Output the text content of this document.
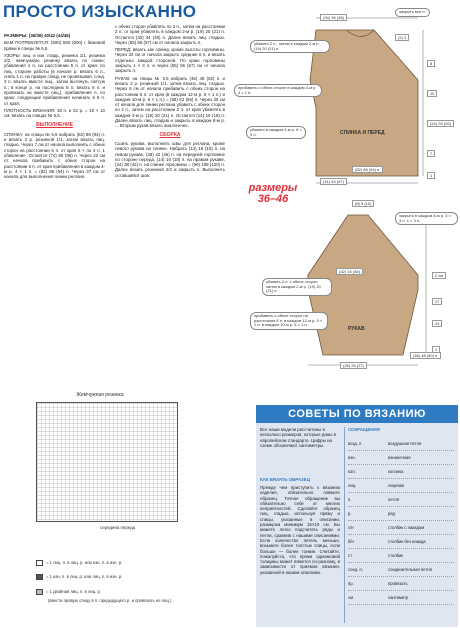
ПРОСТО ИЗЫСКАННО

РАЗМЕРЫ: (36/38) 40/42 (44/46)

ВАМ ПОТРЕБУЕТСЯ: (500) 550 (600) г бежевой пряжи и спицы № 5,5.

УЗОРЫ: лиц. и изн. гладь, резинка 1/1, резинка 2/2, жемчужную резинку вязать по схеме; убавления 4 п. на расстоянии 6 п. от края: по лиц. стороне работы (в начале р. вязать 6 п., снять 1 п. на правую спицу, не провязывая, след. 3 п. вязать вместе лиц., затем вытянуть снятую п.; в конце р. на последних 8 п. вязать 6 п. и провязать их вместе лиц.); прибавления п. по краю: следующие прибавления начинать в 6 п. от края;

ПЛОТНОСТЬ ВЯЗАНИЯ: 18 п. и 22 р. = 10 × 10 см; вязать на спицах № 5,5.

ВЫПОЛНЕНИЕ

СПИНКА: на спицы № 5,5 набрать (82) 88 (94) п. и вязать 2 р. резинкой 1/1, затем вязать лиц. гладью. Через 7 см от начала выполнить с обеих сторон на расстоянии 6 п. от края 8 × по 4 п. 1 убавление. Остается (74) 80 (86) п. Через 22 см от начала прибавить с обеих сторон на расстоянии 6 п. от края прибавления в каждом 4-м р. 4 × 1 п. = (82) 88 (94) п. Через 37 см от начала для выполнения линии реглана

с обеих сторон убавлять по 2 п., затем на расстоянии 2 п. от края убавлять в каждом 2-м р. (19) 20 (21) п. Остается (40) 44 (48) п. Далее вязать лиц. гладью. Через (55) 56 (57) см от начала закрыть п.

ПЕРЕД: вязать как спинку, кроме высоты горловины. Через 32 см от начала закрыть средние 6 п. и вязать отдельно каждой стороной. По краю горловины закрыть 1 × 3 п. и через (55) 56 (57) см от начала закрыть п.

РУКАВ: на спицы № 5,5 набрать (46) 48 (52) п. и вязать 2 р. резинкой 1/1, затем вязать лиц. гладью. Через 6 см от начала прибавить с обеих сторон на расстоянии 6 п. от края (в каждом 12-м р. 5 × 1 п.) и каждом 10-м р. 6 × 1 п.) = (58) 62 (66) п. Через 30 см от начала для линии реглана убавить с обеих сторон по 2 п., затем на расстоянии 2 п. от края убавлять в каждом 2-м р. (19) 20 (21) п. Остается (14) 16 (18) п. Далее вязать лиц. гладью и закрыть в каждом 8-м р. ... Вторым рукав вязать аналогично.

СБОРКА

Сшить рукава, выполнить швы для реглана, кроме левого рукава на спинке. Набрать (14) 16 (18) п. на левом рукаве, (38) 42 (46) п. на передней горловине по стороне переда, (14) 16 (18) п. на правом рукаве, (34) 38 (42) п. на спинке горловины = (96) 108 (120) п. Далее вязать резинкой 2/2 и закрыть п. Выполнить оставшийся шов.

размеры
36–46
(34) 36 (38)
закрыть все п.
(2) 3
убавить 2 п., затем в каждом 2-м р. (19) 20 (21) п.
прибавить с обеих сторон в каждом 4-м р. 4 × 1 п.
убавить в каждом 4-м р. 8 × 4 п.	СПИНКА И ПЕРЕД
(82) 88 (94) п.
(41) 44 (47)
(24) 25 (26)
8
15
7
1
(8) 9 (10)
закрыть в каждом 8-м р. 3 × 3 п. 1 × 3 п.
убавить 2 п. с обеих сторон, затем в каждом 2-м р. (19) 20 (21) п.
прибавить с обеих сторон на расстоянии 6 п. в каждом 12-м р. 5 × 1 п. в каждом 10-м р. 6 × 1 п.
РУКАВ
(46) 48 (50) п.
(25) 26 (27)
(32) 34 (36)
2 см
27
24
1
Жемчужная резинка
середина переда
= 1 лиц. п. в лиц. р. или изн. п. в изн. р.
= 1 изн. п. в лиц. р. или лиц. п. в изн. р.
= 1 двойная лиц. п. в лиц. р.
(ввести правую спицу в п. предыдущего р. и провязать ее лиц.)
СОВЕТЫ ПО ВЯЗАНИЮ
Все наши модели рассчитаны в несколько размеров, которые даны в европейском стандарте. Цифры на схеме обозначают сантиметры.
КАК ВЯЗАТЬ ОБРАЗЕЦ
Прежде чем приступить к вязанию изделия, обязательно свяжите образец. Точное обращение вы обязательно себе от многих неприятностей. Сделайте образец лиц. гладью, используя пряжу и спицы, указанные в описании, размером минимум 15×10 см. Вы можете легко подсчитать ряды и петли, сравнив с нашими описаниями. Если количество петель меньше, возьмите более толстые спицы, если больше — более тонкие. Считайте, пожалуйста, что пряжи одинаковой толщины может вяжется по-разному, в зависимости от приемов вязания, указанной в нашем описании.
СОКРАЩЕНИЯ
возд. п.	воздушная петля
изн.	изнаночная
кол.	колонка
лиц.	лицевая
п.	петля
р.	ряд
с/н	столбик с накидом
б/н	столбик без накида
ст.	столбик
соед. п.	соединительная петля
пр.	провязать
см	сантиметр
